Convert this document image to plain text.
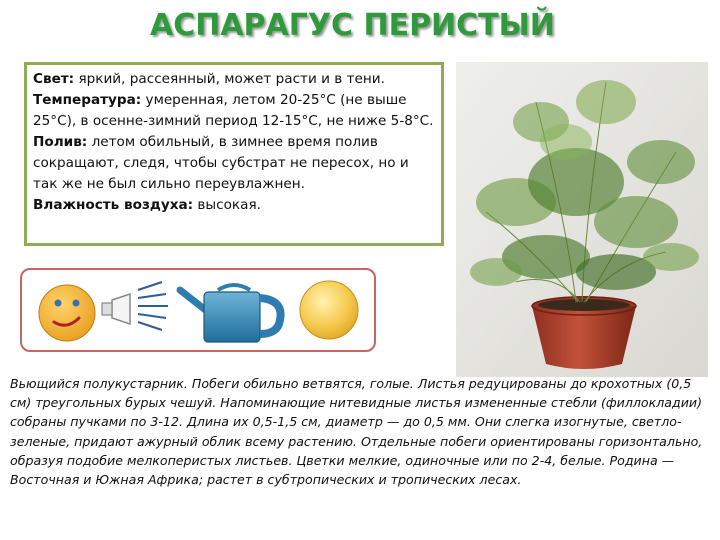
АСПАРАГУС ПЕРИСТЫЙ

Свет: яркий, рассеянный, может расти и в тени.

Температура: умеренная, летом 20-25°С (не выше 25°С), в осенне-зимний период 12-15°С, не ниже 5-8°С.

Полив: летом обильный, в зимнее время полив сокращают, следя, чтобы субстрат не пересох, но и так же не был сильно переувлажнен.

Влажность воздуха: высокая.

Вьющийся полукустарник. Побеги обильно ветвятся, голые. Листья редуцированы до крохотных (0,5 см) треугольных бурых чешуй. Напоминающие нитевидные листья измененные стебли (филлокладии) собраны пучками по 3-12. Длина их 0,5-1,5 см, диаметр — до 0,5 мм. Они слегка изогнутые, светло-зеленые, придают ажурный облик всему растению. Отдельные побеги ориентированы горизонтально, образуя подобие мелкоперистых листьев. Цветки мелкие, одиночные или по 2-4, белые. Родина — Восточная и Южная Африка; растет в субтропических и тропических лесах.
